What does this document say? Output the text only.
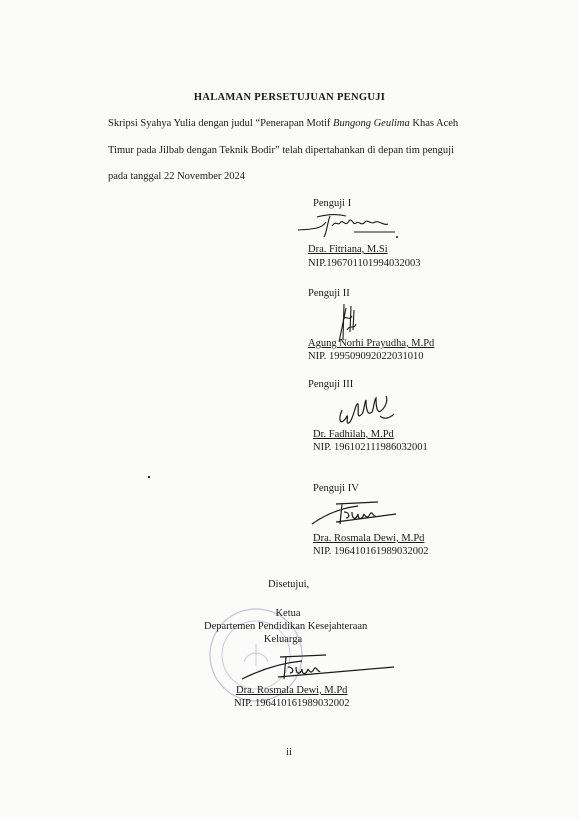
HALAMAN PERSETUJUAN PENGUJI
Skripsi Syahya Yulia dengan judul “Penerapan Motif Bungong Geulima Khas Aceh
Timur pada Jilbab dengan Teknik Bodir” telah dipertahankan di depan tim penguji
pada tanggal 22 November 2024
Penguji I
Dra. Fitriana, M.Si
NIP.196701101994032003
Penguji II
Agung Norhi Prayudha, M.Pd
NIP. 199509092022031010
Penguji III
Dr. Fadhilah, M.Pd
NIP. 196102111986032001
Penguji IV
Dra. Rosmala Dewi, M.Pd
NIP. 196410161989032002
Disetujui,
Ketua
Departemen Pendidikan Kesejahteraan
Keluarga
Dra. Rosmala Dewi, M.Pd
NIP. 196410161989032002
ii
